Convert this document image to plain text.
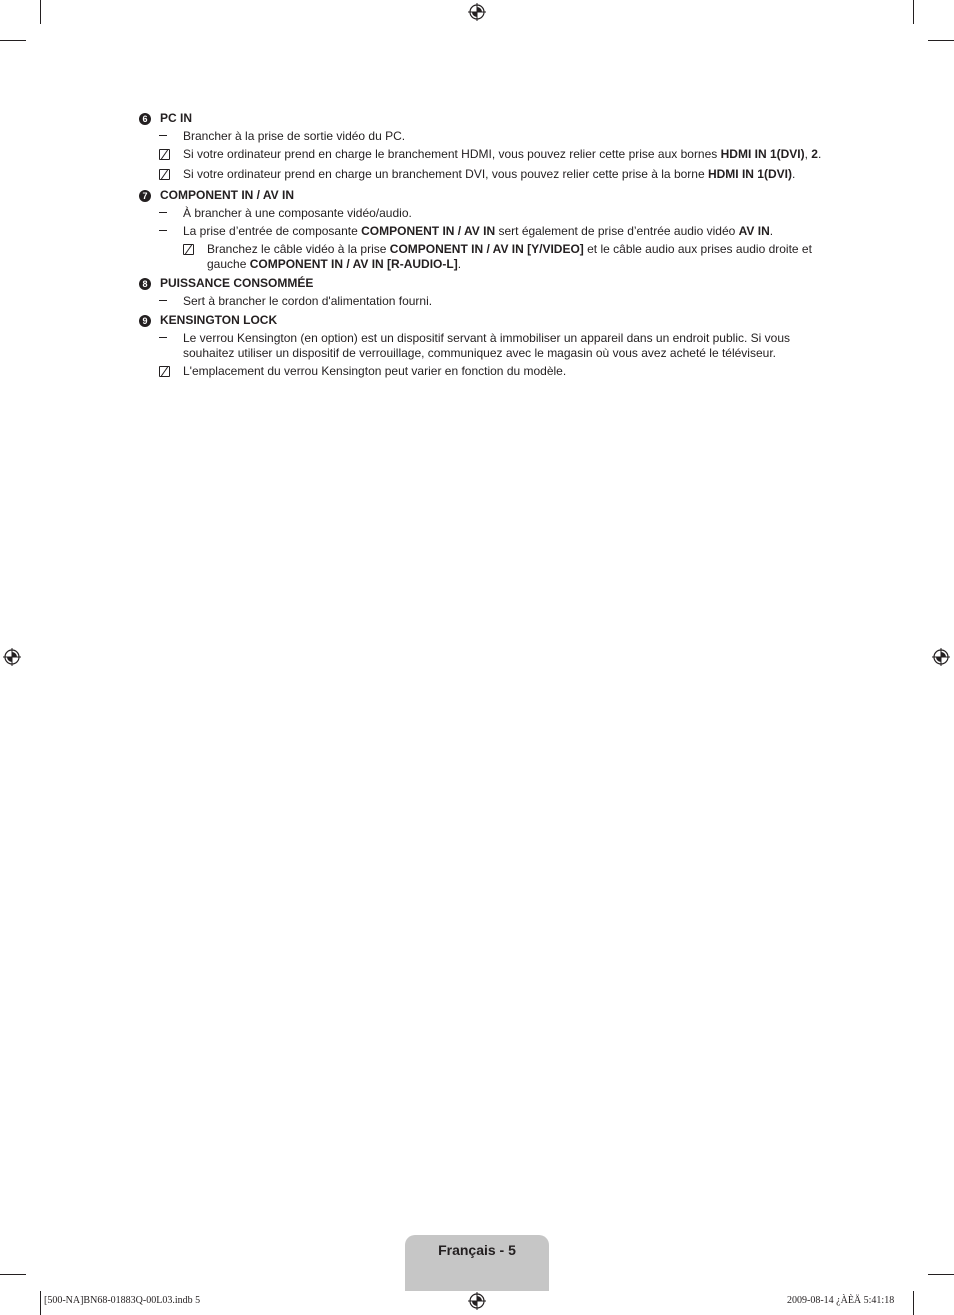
6 PC IN
Brancher à la prise de sortie vidéo du PC.
Si votre ordinateur prend en charge le branchement HDMI, vous pouvez relier cette prise aux bornes HDMI IN 1(DVI), 2.
Si votre ordinateur prend en charge un branchement DVI, vous pouvez relier cette prise à la borne HDMI IN 1(DVI).
7 COMPONENT IN / AV IN
À brancher à une composante vidéo/audio.
La prise d’entrée de composante COMPONENT IN / AV IN sert également de prise d’entrée audio vidéo AV IN.
Branchez le câble vidéo à la prise COMPONENT IN / AV IN [Y/VIDEO] et le câble audio aux prises audio droite et gauche COMPONENT IN / AV IN [R-AUDIO-L].
8 PUISSANCE CONSOMMÉE
Sert à brancher le cordon d'alimentation fourni.
9 KENSINGTON LOCK
Le verrou Kensington (en option) est un dispositif servant à immobiliser un appareil dans un endroit public. Si vous souhaitez utiliser un dispositif de verrouillage, communiquez avec le magasin où vous avez acheté le téléviseur.
L'emplacement du verrou Kensington peut varier en fonction du modèle.
Français - 5
[500-NA]BN68-01883Q-00L03.indb 5	2009-08-14 ¿ÀÈÄ 5:41:18
